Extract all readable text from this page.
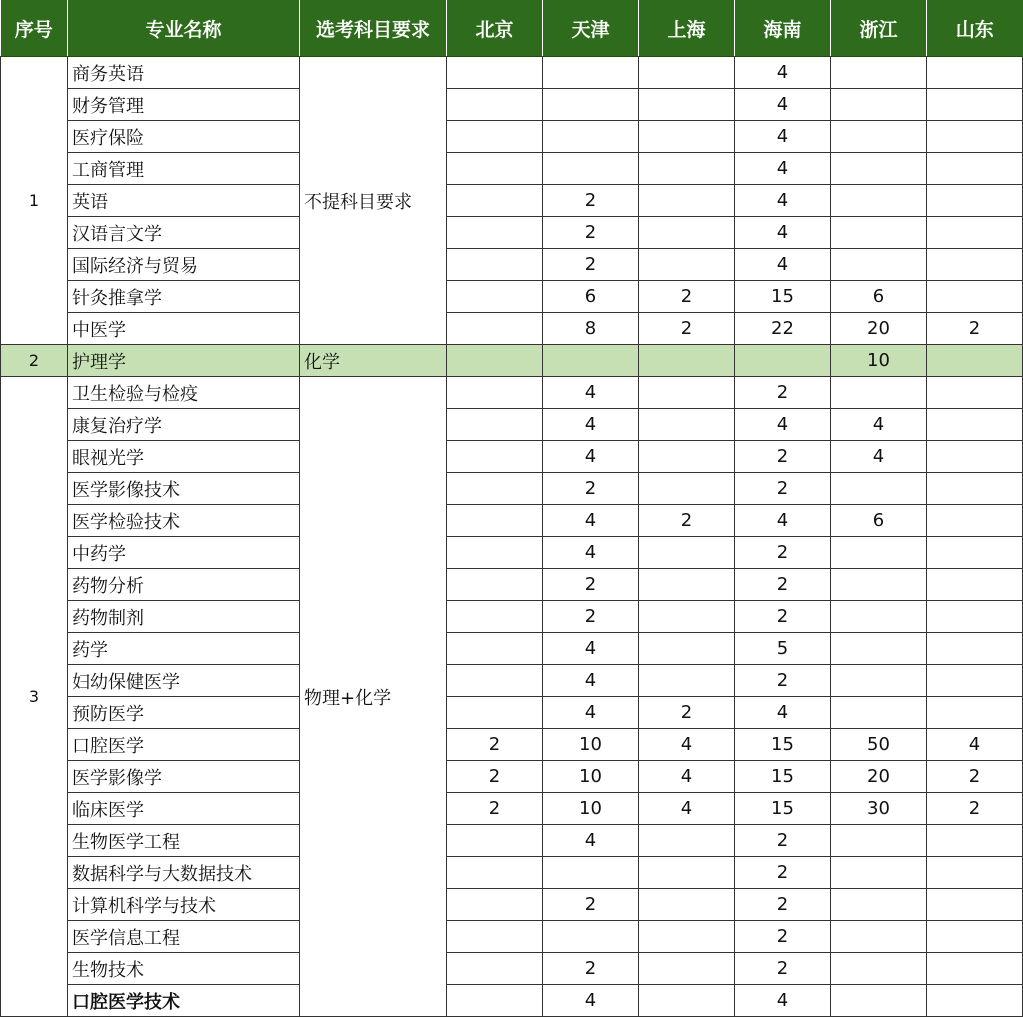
序号	专业名称	选考科目要求	北京	天津	上海	海南	浙江	山东
1	商务英语	不提科目要求				4		
	财务管理					4		
	医疗保险					4		
	工商管理					4		
	英语			2		4		
	汉语言文学			2		4		
	国际经济与贸易			2		4		
	针灸推拿学			6	2	15	6	
	中医学			8	2	22	20	2
2	护理学	化学					10	
3	卫生检验与检疫	物理+化学		4		2		
	康复治疗学			4		4	4	
	眼视光学			4		2	4	
	医学影像技术			2		2		
	医学检验技术			4	2	4	6	
	中药学			4		2		
	药物分析			2		2		
	药物制剂			2		2		
	药学			4		5		
	妇幼保健医学			4		2		
	预防医学			4	2	4		
	口腔医学		2	10	4	15	50	4
	医学影像学		2	10	4	15	20	2
	临床医学		2	10	4	15	30	2
	生物医学工程			4		2		
	数据科学与大数据技术					2		
	计算机科学与技术			2		2		
	医学信息工程					2		
	生物技术			2		2		
	口腔医学技术			4		4		
